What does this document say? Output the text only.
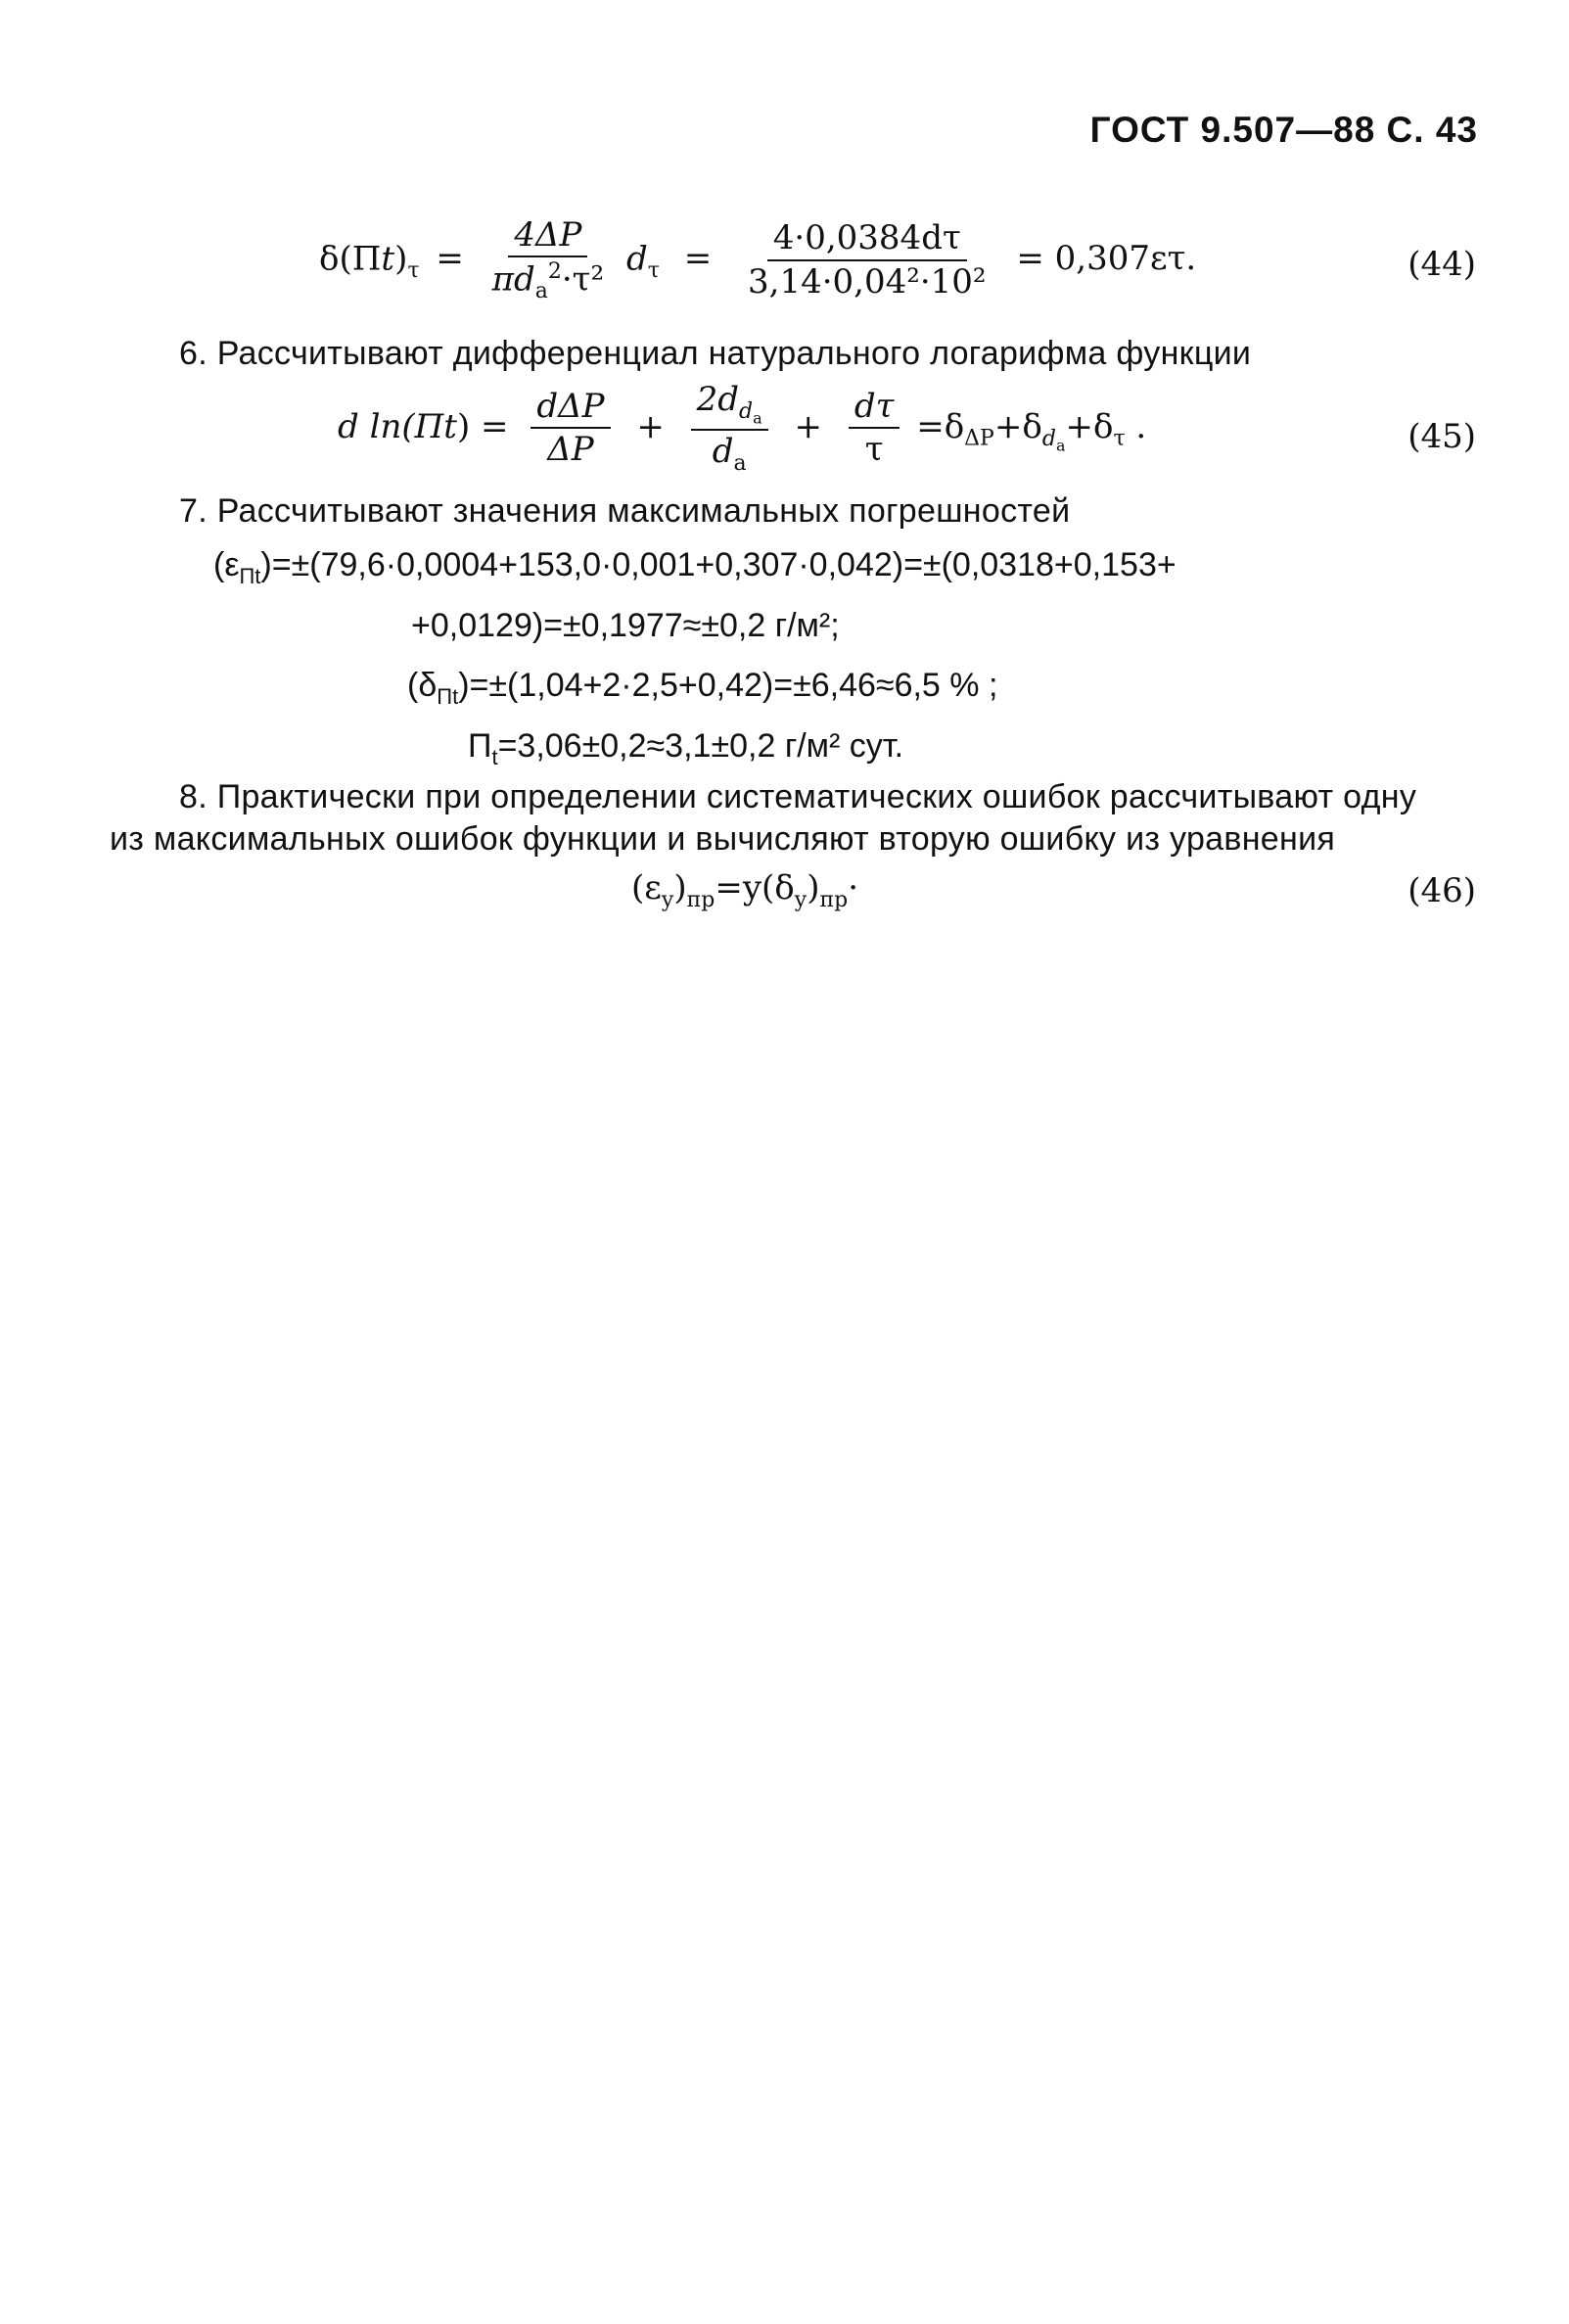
ГОСТ 9.507—88 С. 43
$\delta(Пt)_\tau = \frac{4\Delta P}{\pi d_а^2\cdot\tau^2} d_\tau = \frac{4\cdot 0,0384d\tau}{\text{3,14·0,04²·10²}} = 0,307\varepsilon\tau$.	(44)
6. Рассчитывают дифференциал натурального логарифма функции
d $\ln(Пt) = \frac{\text{dΔP}}{\Delta P} + \frac{2d_{d_а}}{d_а} + \frac{d\tau}{\tau} =\delta_{\Delta P}+\delta_{d_а}+\delta_\tau$ .	(45)
7. Рассчитывают значения максимальных погрешностей
$(\varepsilon_{Пt})=\pm(79,6\cdot 0,0004+153,0\cdot 0,001+0,307\cdot 0,042)=\pm(0,0318+0,153+$
+0,0129)=±0,1977≈±0,2 г/м²;
$(\delta_{Пt})=\pm(1,04+2\cdot 2,5+0,42)=\pm 6,46\approx 6,5$ % ;
$П_t=3,06\pm 0,2\approx 3,1\pm 0,2$ г/м² сут.
8. Практически при определении систематических ошибок рассчитывают одну
из максимальных ошибок функции и вычисляют вторую ошибку из уравнения
$(\varepsilon_y)_{пр}=y(\delta_y)_{пр}\cdot$	(46)
